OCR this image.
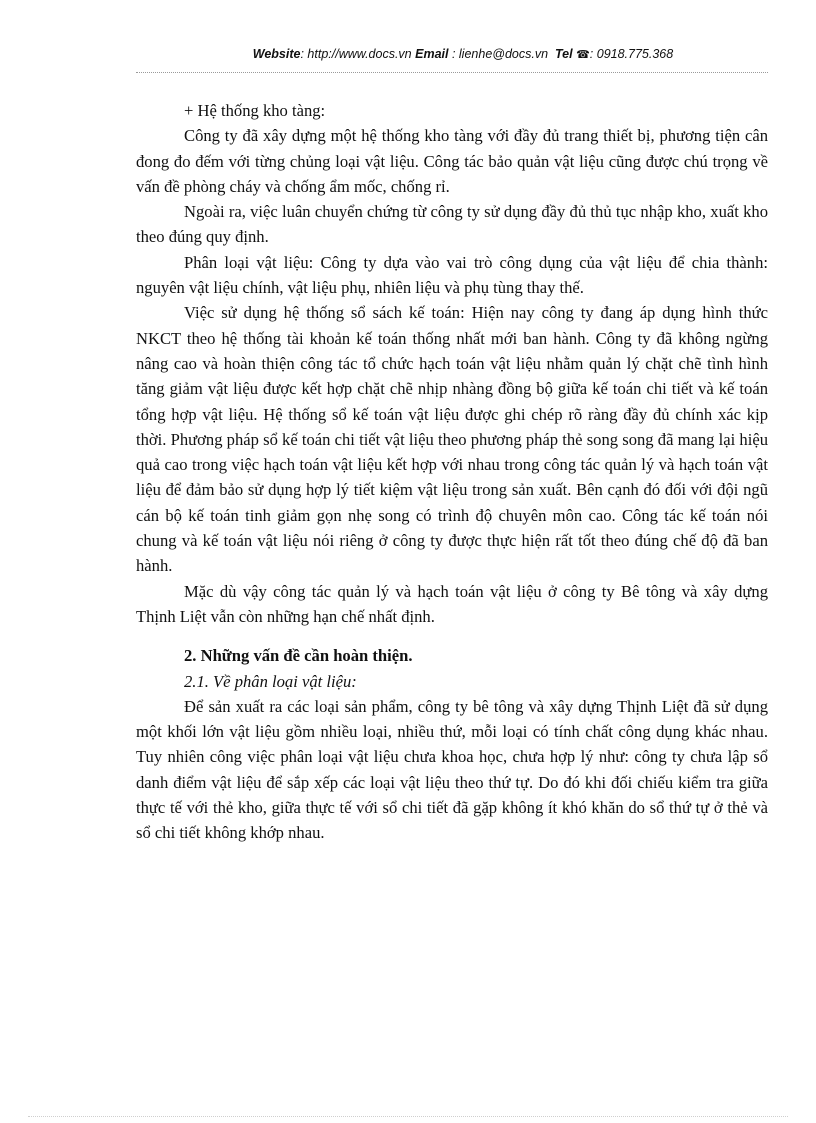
Website: http://www.docs.vn Email : lienhe@docs.vn Tel ☎: 0918.775.368

+ Hệ thống kho tàng:

Công ty đã xây dựng một hệ thống kho tàng với đầy đủ trang thiết bị, phương tiện cân đong đo đếm với từng chủng loại vật liệu. Công tác bảo quản vật liệu cũng được chú trọng về vấn đề phòng cháy và chống ẩm mốc, chống rỉ.

Ngoài ra, việc luân chuyển chứng từ công ty sử dụng đầy đủ thủ tục nhập kho, xuất kho theo đúng quy định.

Phân loại vật liệu: Công ty dựa vào vai trò công dụng của vật liệu để chia thành: nguyên vật liệu chính, vật liệu phụ, nhiên liệu và phụ tùng thay thế.

Việc sử dụng hệ thống sổ sách kế toán: Hiện nay công ty đang áp dụng hình thức NKCT theo hệ thống tài khoản kế toán thống nhất mới ban hành. Công ty đã không ngừng nâng cao và hoàn thiện công tác tổ chức hạch toán vật liệu nhằm quản lý chặt chẽ tình hình tăng giảm vật liệu được kết hợp chặt chẽ nhịp nhàng đồng bộ giữa kế toán chi tiết và kế toán tổng hợp vật liệu. Hệ thống sổ kế toán vật liệu được ghi chép rõ ràng đầy đủ chính xác kịp thời. Phương pháp sổ kế toán chi tiết vật liệu theo phương pháp thẻ song song đã mang lại hiệu quả cao trong việc hạch toán vật liệu kết hợp với nhau trong công tác quản lý và hạch toán vật liệu để đảm bảo sử dụng hợp lý tiết kiệm vật liệu trong sản xuất. Bên cạnh đó đối với đội ngũ cán bộ kế toán tinh giảm gọn nhẹ song có trình độ chuyên môn cao. Công tác kế toán nói chung và kế toán vật liệu nói riêng ở công ty được thực hiện rất tốt theo đúng chế độ đã ban hành.

Mặc dù vậy công tác quản lý và hạch toán vật liệu ở công ty Bê tông và xây dựng Thịnh Liệt vẫn còn những hạn chế nhất định.

2. Những vấn đề cần hoàn thiện.

2.1. Về phân loại vật liệu:

Để sản xuất ra các loại sản phẩm, công ty bê tông và xây dựng Thịnh Liệt đã sử dụng một khối lớn vật liệu gồm nhiều loại, nhiều thứ, mỗi loại có tính chất công dụng khác nhau. Tuy nhiên công việc phân loại vật liệu chưa khoa học, chưa hợp lý như: công ty chưa lập sổ danh điểm vật liệu để sắp xếp các loại vật liệu theo thứ tự. Do đó khi đối chiếu kiểm tra giữa thực tế với thẻ kho, giữa thực tế với sổ chi tiết đã gặp không ít khó khăn do sổ thứ tự ở thẻ và sổ chi tiết không khớp nhau.
